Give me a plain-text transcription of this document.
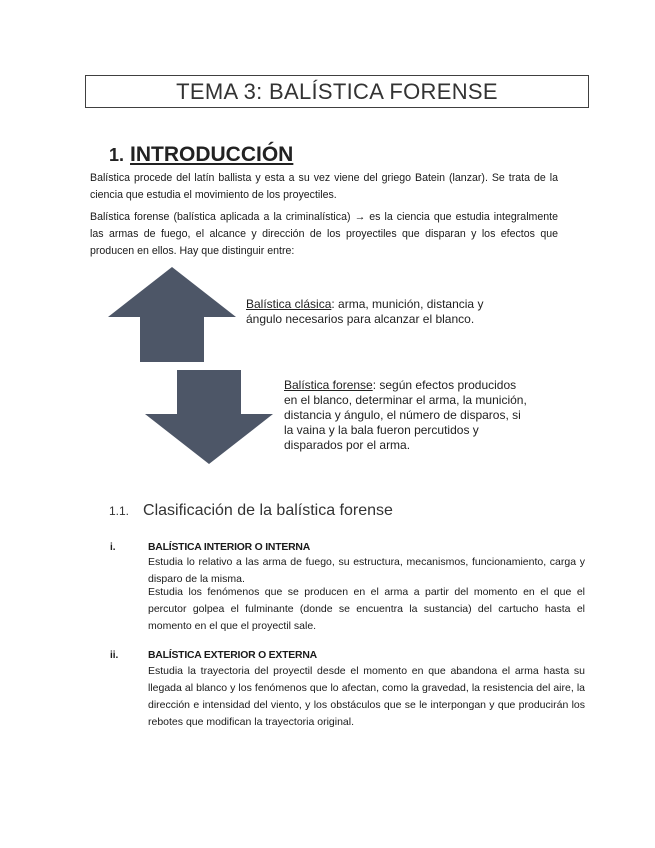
TEMA 3: BALÍSTICA FORENSE
1. INTRODUCCIÓN

Balística procede del latín ballista y esta a su vez viene del griego Batein (lanzar). Se trata de la ciencia que estudia el movimiento de los proyectiles.

Balística forense (balística aplicada a la criminalística) → es la ciencia que estudia integralmente las armas de fuego, el alcance y dirección de los proyectiles que disparan y los efectos que producen en ellos. Hay que distinguir entre:

Balística clásica: arma, munición, distancia y ángulo necesarios para alcanzar el blanco.

Balística forense: según efectos producidos en el blanco, determinar el arma, la munición, distancia y ángulo, el número de disparos, si la vaina y la bala fueron percutidos y disparados por el arma.

1.1. Clasificación de la balística forense
i.	BALÍSTICA INTERIOR O INTERNA

Estudia lo relativo a las arma de fuego, su estructura, mecanismos, funcionamiento, carga y disparo de la misma.

Estudia los fenómenos que se producen en el arma a partir del momento en el que el percutor golpea el fulminante (donde se encuentra la sustancia) del cartucho hasta el momento en el que el proyectil sale.

ii.	BALÍSTICA EXTERIOR O EXTERNA

Estudia la trayectoria del proyectil desde el momento en que abandona el arma hasta su llegada al blanco y los fenómenos que lo afectan, como la gravedad, la resistencia del aire, la dirección e intensidad del viento, y los obstáculos que se le interpongan y que producirán los rebotes que modifican la trayectoria original.
